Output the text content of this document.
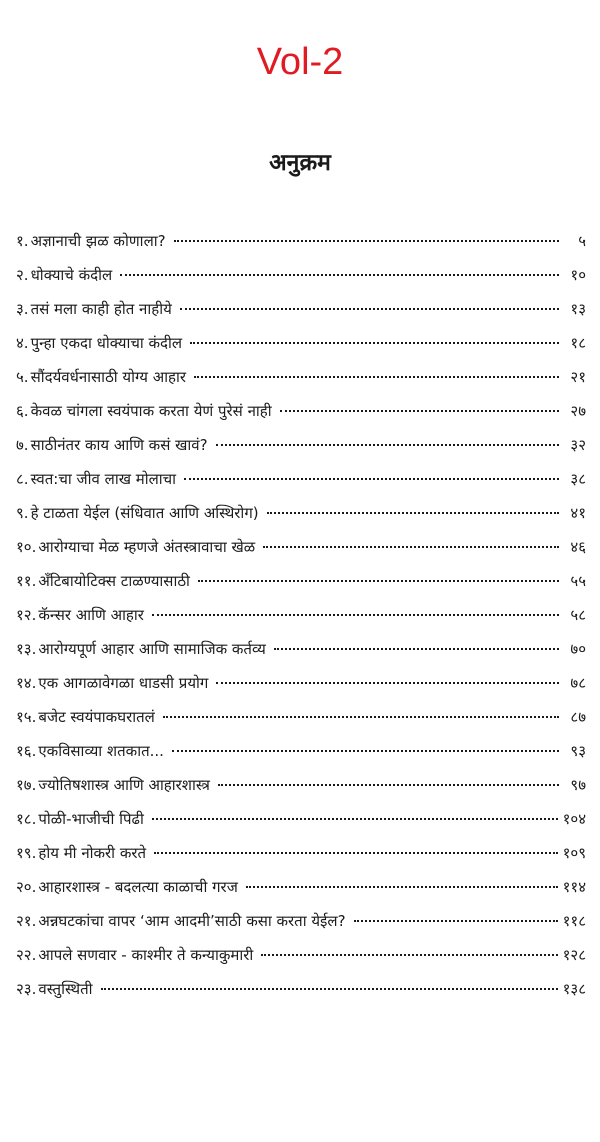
Vol-2
अनुक्रम
१. अज्ञानाची झळ कोणाला?	५
२. धोक्याचे कंदील	१०
३. तसं मला काही होत नाहीये	१३
४. पुन्हा एकदा धोक्याचा कंदील	१८
५. सौंदर्यवर्धनासाठी योग्य आहार	२१
६. केवळ चांगला स्वयंपाक करता येणं पुरेसं नाही	२७
७. साठीनंतर काय आणि कसं खावं?	३२
८. स्वत:चा जीव लाख मोलाचा	३८
९. हे टाळता येईल (संधिवात आणि अस्थिरोग)	४१
१०. आरोग्याचा मेळ म्हणजे अंतस्त्रावाचा खेळ	४६
११. अँटिबायोटिक्स टाळण्यासाठी	५५
१२. कॅन्सर आणि आहार	५८
१३. आरोग्यपूर्ण आहार आणि सामाजिक कर्तव्य	७०
१४. एक आगळावेगळा धाडसी प्रयोग	७८
१५. बजेट स्वयंपाकघरातलं	८७
१६. एकविसाव्या शतकात...	९३
१७. ज्योतिषशास्त्र आणि आहारशास्त्र	९७
१८. पोळी-भाजीची पिढी	१०४
१९. होय मी नोकरी करते	१०९
२०. आहारशास्त्र - बदलत्या काळाची गरज	११४
२१. अन्नघटकांचा वापर ‘आम आदमी’साठी कसा करता येईल?	११८
२२. आपले सणवार - काश्मीर ते कन्याकुमारी	१२८
२३. वस्तुस्थिती	१३८
